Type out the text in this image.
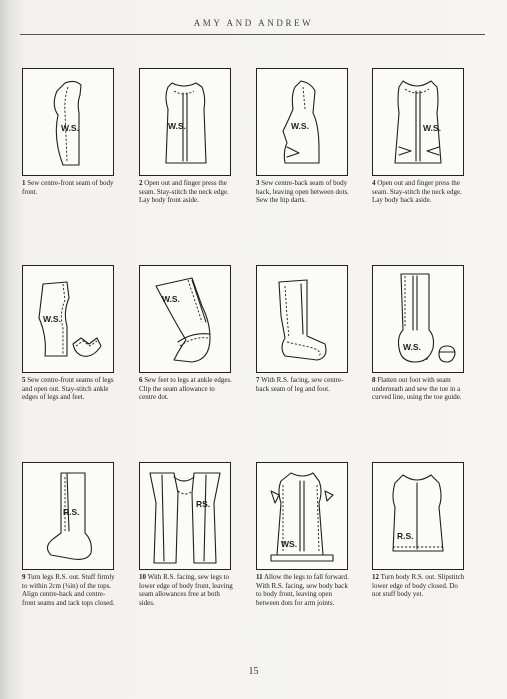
AMY AND ANDREW
W.S.
1 Sew centre-front seam of body front.
W.S.
2 Open out and finger press the seam. Stay-stitch the neck edge. Lay body front aside.
W.S.
3 Sew centre-back seam of body back, leaving open between dots. Sew the hip darts.
W.S.
4 Open out and finger press the seam. Stay-stitch the neck edge. Lay body back aside.
W.S.
5 Sew centre-front seams of legs and open out. Stay-stitch ankle edges of legs and feet.
W.S.
6 Sew feet to legs at ankle edges. Clip the seam allowance to centre dot.
7 With R.S. facing, sew centre-back seam of leg and foot.
W.S.
8 Flatten out foot with seam underneath and sew the toe in a curved line, using the toe guide.
R.S.
9 Turn legs R.S. out. Stuff firmly to within 2cm (¾in) of the tops. Align centre-back and centre-front seams and tack tops closed.
RS.
10 With R.S. facing, sew legs to lower edge of body front, leaving seam allowances free at both sides.
WS.
11 Allow the legs to fall forward. With R.S. facing, sew body back to body front, leaving open between dots for arm joints.
R.S.
12 Turn body R.S. out. Slipstitch lower edge of body closed. Do not stuff body yet.
15
